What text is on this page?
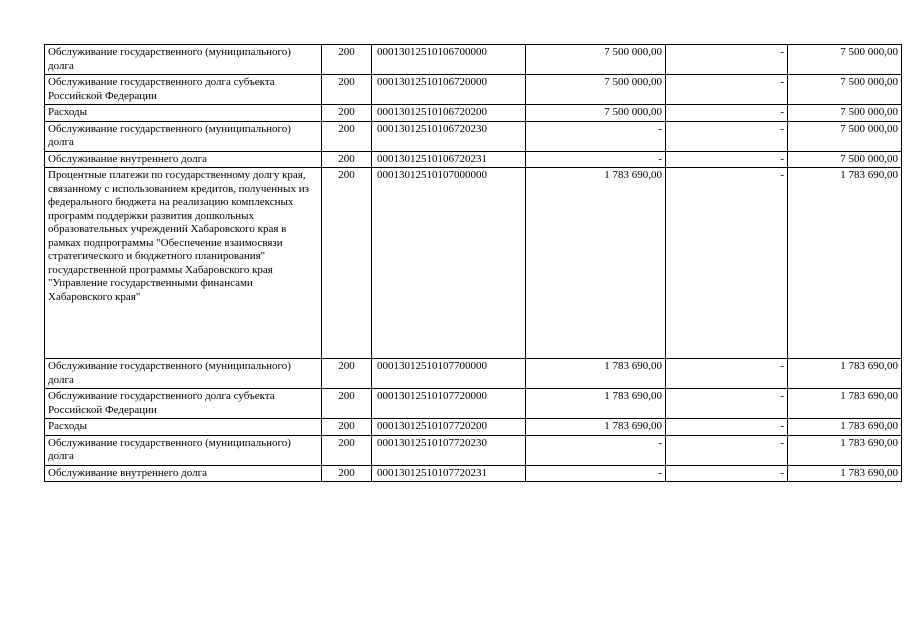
Обслуживание государственного (муниципального) долга	200	00013012510106700000	7 500 000,00	-	7 500 000,00
Обслуживание государственного долга субъекта Российской Федерации	200	00013012510106720000	7 500 000,00	-	7 500 000,00
Расходы	200	00013012510106720200	7 500 000,00	-	7 500 000,00
Обслуживание государственного (муниципального) долга	200	00013012510106720230	-	-	7 500 000,00
Обслуживание внутреннего долга	200	00013012510106720231	-	-	7 500 000,00
Процентные платежи по государственному долгу края, связанному с использованием кредитов, полученных из федерального бюджета на реализацию комплексных программ поддержки развития дошкольных образовательных учреждений Хабаровского края в рамках подпрограммы "Обеспечение взаимосвязи стратегического и бюджетного планирования" государственной программы Хабаровского края "Управление государственными финансами Хабаровского края"	200	00013012510107000000	1 783 690,00	-	1 783 690,00
Обслуживание государственного (муниципального) долга	200	00013012510107700000	1 783 690,00	-	1 783 690,00
Обслуживание государственного долга субъекта Российской Федерации	200	00013012510107720000	1 783 690,00	-	1 783 690,00
Расходы	200	00013012510107720200	1 783 690,00	-	1 783 690,00
Обслуживание государственного (муниципального) долга	200	00013012510107720230	-	-	1 783 690,00
Обслуживание внутреннего долга	200	00013012510107720231	-	-	1 783 690,00
